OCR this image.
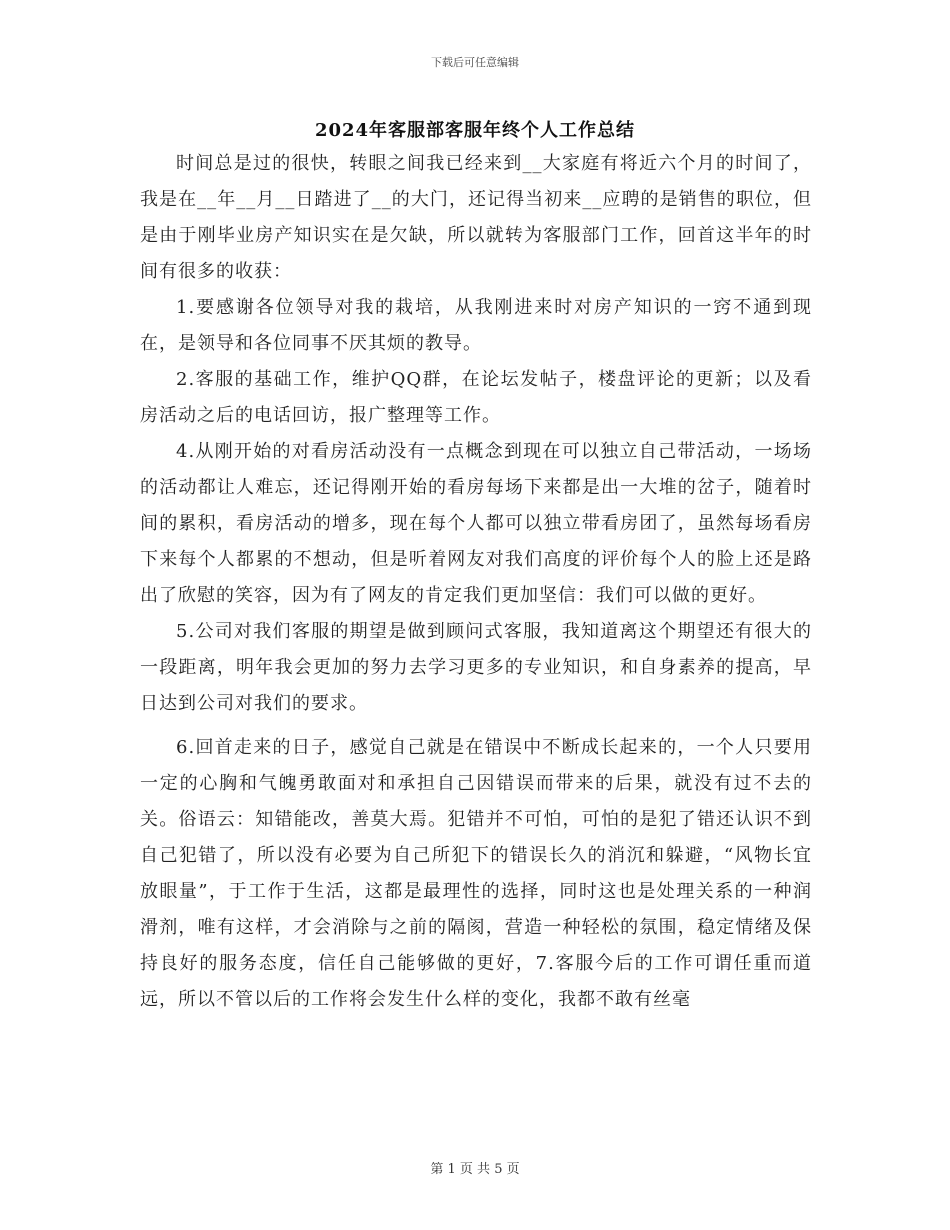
下载后可任意编辑
2024年客服部客服年终个人工作总结

时间总是过的很快，转眼之间我已经来到__大家庭有将近六个月的时间了，我是在__年__月__日踏进了__的大门，还记得当初来__应聘的是销售的职位，但是由于刚毕业房产知识实在是欠缺，所以就转为客服部门工作，回首这半年的时间有很多的收获：

1.要感谢各位领导对我的栽培，从我刚进来时对房产知识的一窍不通到现在，是领导和各位同事不厌其烦的教导。

2.客服的基础工作，维护QQ群，在论坛发帖子，楼盘评论的更新；以及看房活动之后的电话回访，报广整理等工作。

4.从刚开始的对看房活动没有一点概念到现在可以独立自己带活动，一场场的活动都让人难忘，还记得刚开始的看房每场下来都是出一大堆的岔子，随着时间的累积，看房活动的增多，现在每个人都可以独立带看房团了，虽然每场看房下来每个人都累的不想动，但是听着网友对我们高度的评价每个人的脸上还是路出了欣慰的笑容，因为有了网友的肯定我们更加坚信：我们可以做的更好。

5.公司对我们客服的期望是做到顾问式客服，我知道离这个期望还有很大的一段距离，明年我会更加的努力去学习更多的专业知识，和自身素养的提高，早日达到公司对我们的要求。

6.回首走来的日子，感觉自己就是在错误中不断成长起来的，一个人只要用一定的心胸和气魄勇敢面对和承担自己因错误而带来的后果，就没有过不去的关。俗语云：知错能改，善莫大焉。犯错并不可怕，可怕的是犯了错还认识不到自己犯错了，所以没有必要为自己所犯下的错误长久的消沉和躲避，“风物长宜放眼量”，于工作于生活，这都是最理性的选择，同时这也是处理关系的一种润滑剂，唯有这样，才会消除与之前的隔阂，营造一种轻松的氛围，稳定情绪及保持良好的服务态度，信任自己能够做的更好，7.客服今后的工作可谓任重而道远，所以不管以后的工作将会发生什么样的变化，我都不敢有丝毫

第 1 页 共 5 页
